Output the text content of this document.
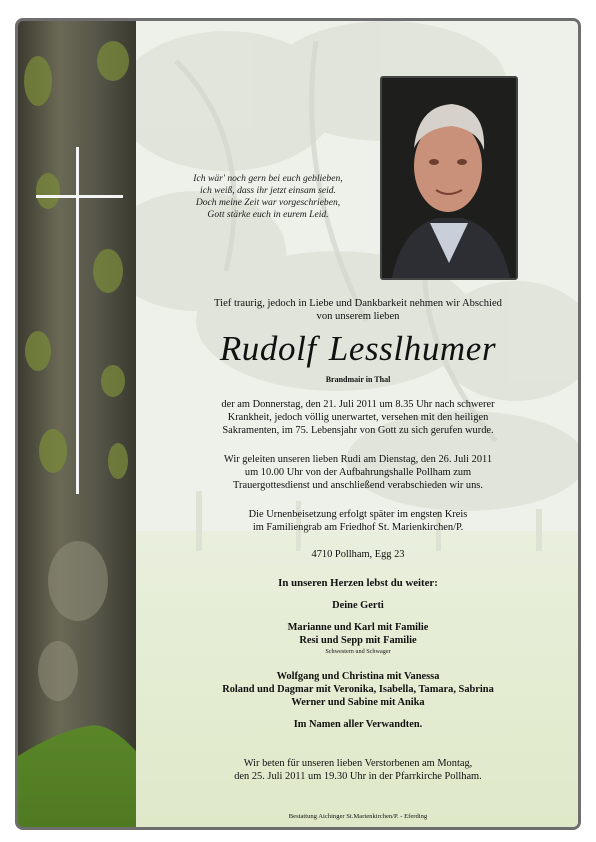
Ich wär' noch gern bei euch geblieben,
ich weiß, dass ihr jetzt einsam seid.
Doch meine Zeit war vorgeschrieben,
Gott stärke euch in eurem Leid.
Tief traurig, jedoch in Liebe und Dankbarkeit nehmen wir Abschied
von unserem lieben
Rudolf Lesslhumer
Brandmair in Thal
der am Donnerstag, den 21. Juli 2011 um 8.35 Uhr nach schwerer
Krankheit, jedoch völlig unerwartet, versehen mit den heiligen
Sakramenten, im 75. Lebensjahr von Gott zu sich gerufen wurde.
Wir geleiten unseren lieben Rudi am Dienstag, den 26. Juli 2011
um 10.00 Uhr von der Aufbahrungshalle Pollham zum
Trauergottesdienst und anschließend verabschieden wir uns.
Die Urnenbeisetzung erfolgt später im engsten Kreis
im Familiengrab am Friedhof St. Marienkirchen/P.
4710 Pollham, Egg 23
In unseren Herzen lebst du weiter:
Deine Gerti
Marianne und Karl mit Familie
Resi und Sepp mit Familie
Schwestern und Schwager
Wolfgang und Christina mit Vanessa
Roland und Dagmar mit Veronika, Isabella, Tamara, Sabrina
Werner und Sabine mit Anika
Im Namen aller Verwandten.
Wir beten für unseren lieben Verstorbenen am Montag,
den 25. Juli 2011 um 19.30 Uhr in der Pfarrkirche Pollham.
Bestattung Aichinger St.Marienkirchen/P. - Eferding
